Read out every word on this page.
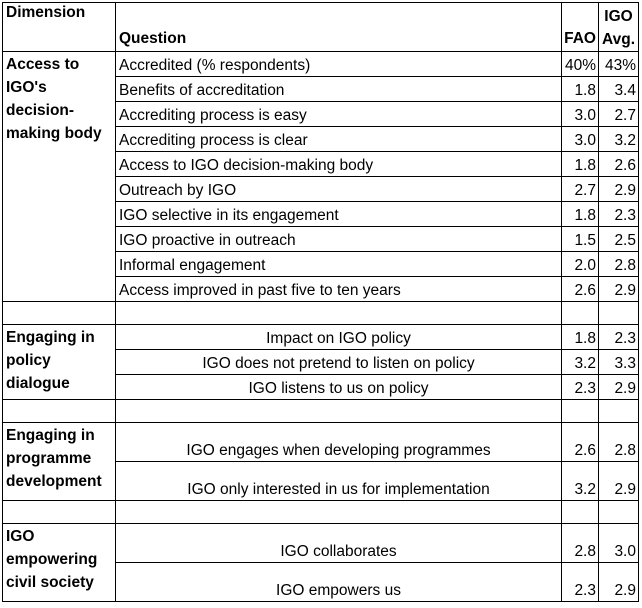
Dimension	Question	FAO	IGO Avg.
Access to IGO's decision-making body	Accredited (% respondents)	40%	43%
	Benefits of accreditation	1.8	3.4
	Accrediting process is easy	3.0	2.7
	Accrediting process is clear	3.0	3.2
	Access to IGO decision-making body	1.8	2.6
	Outreach by IGO	2.7	2.9
	IGO selective in its engagement	1.8	2.3
	IGO proactive in outreach	1.5	2.5
	Informal engagement	2.0	2.8
	Access improved in past five to ten years	2.6	2.9

Engaging in policy dialogue	Impact on IGO policy	1.8	2.3
	IGO does not pretend to listen on policy	3.2	3.3
	IGO listens to us on policy	2.3	2.9

Engaging in programme development	IGO engages when developing programmes	2.6	2.8
	IGO only interested in us for implementation	3.2	2.9

IGO empowering civil society	IGO collaborates	2.8	3.0
	IGO empowers us	2.3	2.9
